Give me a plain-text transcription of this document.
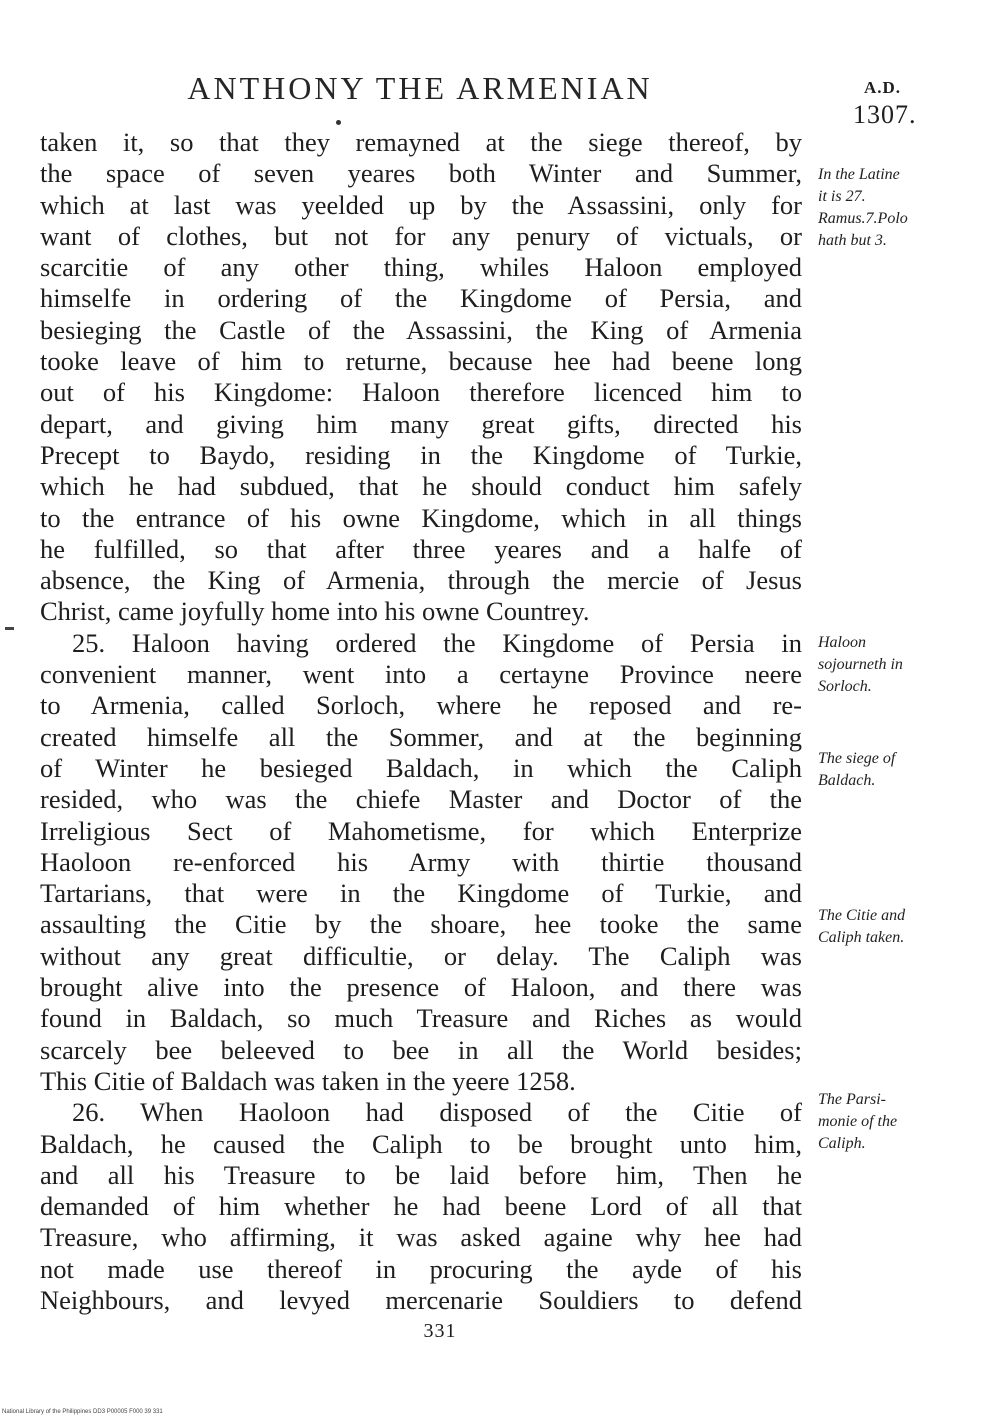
ANTHONY THE ARMENIAN	A.D.
1307.
taken it, so that they remayned at the siege thereof, by
the space of seven yeares both Winter and Summer,
which at last was yeelded up by the Assassini, only for
want of clothes, but not for any penury of victuals, or
scarcitie of any other thing, whiles Haloon employed
himselfe in ordering of the Kingdome of Persia, and
besieging the Castle of the Assassini, the King of Armenia
tooke leave of him to returne, because hee had beene long
out of his Kingdome: Haloon therefore licenced him to
depart, and giving him many great gifts, directed his
Precept to Baydo, residing in the Kingdome of Turkie,
which he had subdued, that he should conduct him safely
to the entrance of his owne Kingdome, which in all things
he fulfilled, so that after three yeares and a halfe of
absence, the King of Armenia, through the mercie of Jesus
Christ, came joyfully home into his owne Countrey.
25. Haloon having ordered the Kingdome of Persia in
convenient manner, went into a certayne Province neere
to Armenia, called Sorloch, where he reposed and re-
created himselfe all the Sommer, and at the beginning
of Winter he besieged Baldach, in which the Caliph
resided, who was the chiefe Master and Doctor of the
Irreligious Sect of Mahometisme, for which Enterprize
Haoloon re-enforced his Army with thirtie thousand
Tartarians, that were in the Kingdome of Turkie, and
assaulting the Citie by the shoare, hee tooke the same
without any great difficultie, or delay. The Caliph was
brought alive into the presence of Haloon, and there was
found in Baldach, so much Treasure and Riches as would
scarcely bee beleeved to bee in all the World besides;
This Citie of Baldach was taken in the yeere 1258.
26. When Haoloon had disposed of the Citie of
Baldach, he caused the Caliph to be brought unto him,
and all his Treasure to be laid before him, Then he
demanded of him whether he had beene Lord of all that
Treasure, who affirming, it was asked againe why hee had
not made use thereof in procuring the ayde of his
Neighbours, and levyed mercenarie Souldiers to defend
In the Latine
it is 27.
Ramus.7.Polo
hath but 3.
Haloon
sojourneth in
Sorloch.
The siege of
Baldach.
The Citie and
Caliph taken.
The Parsi-
monie of the
Caliph.
331
National Library of the Philippines DD3 P00005 F000 39 331
